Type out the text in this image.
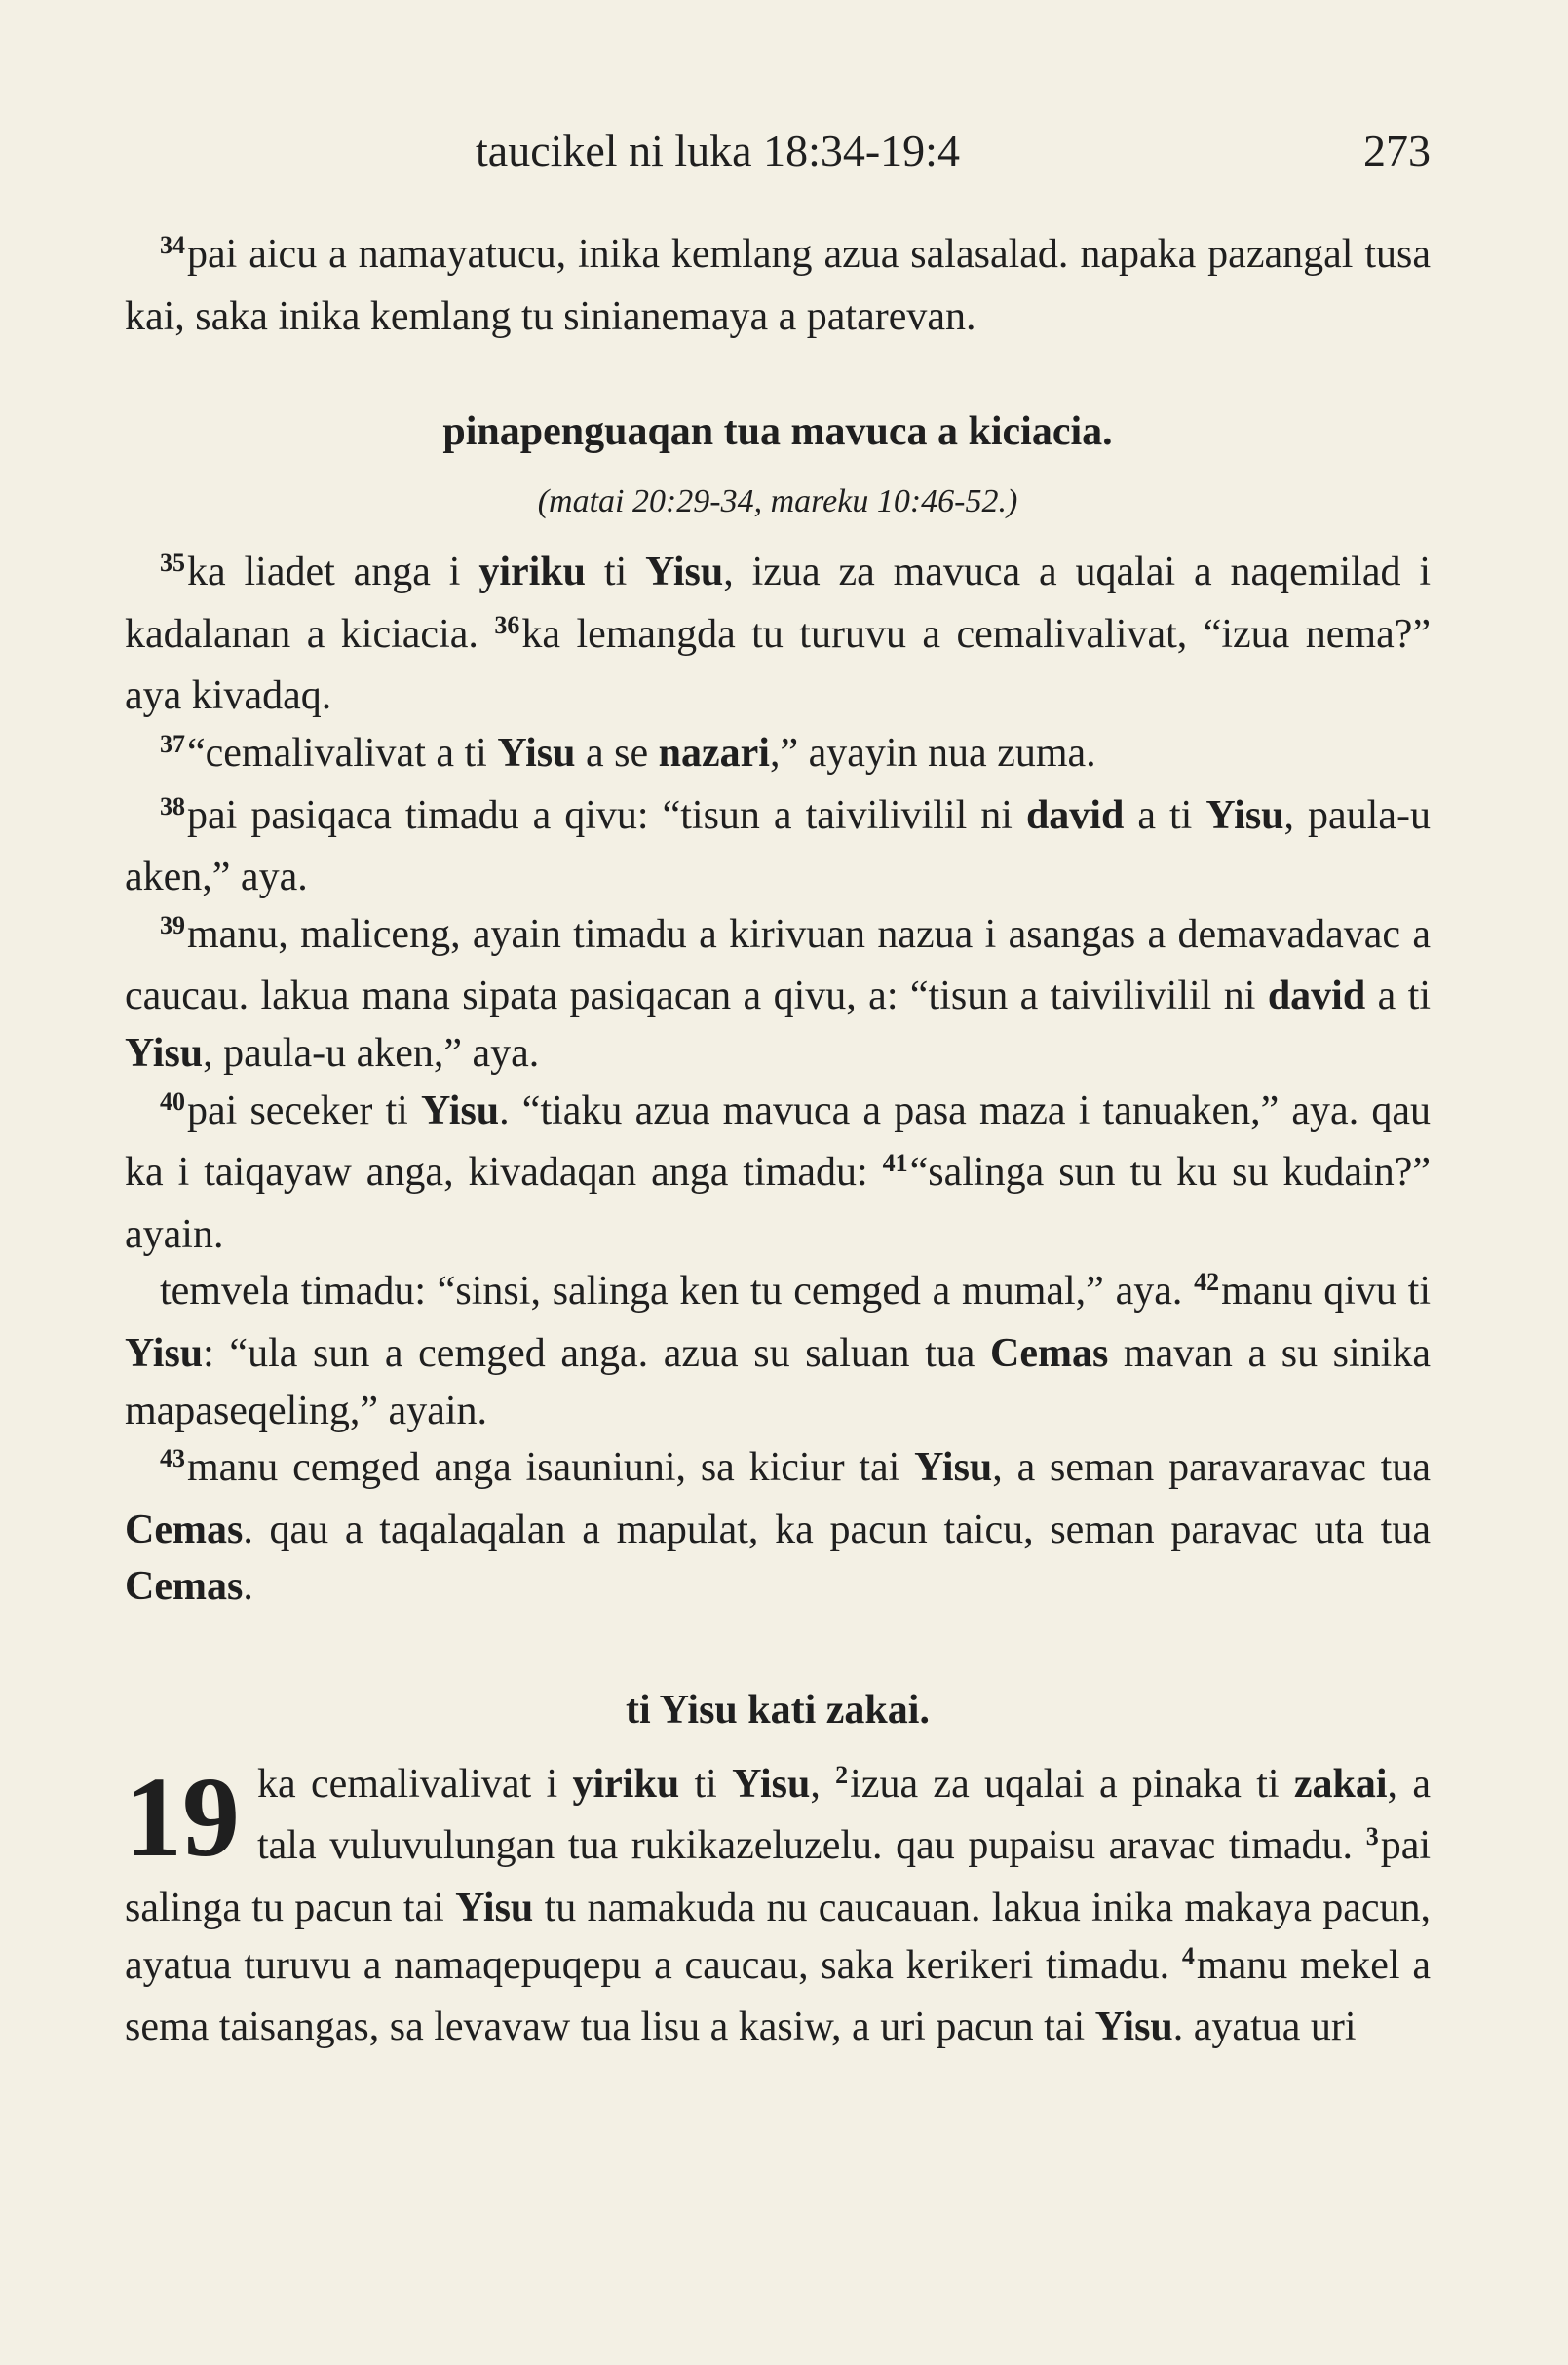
taucikel ni luka 18:34-19:4	273

$^{34}$pai aicu a namayatucu, inika kemlang azua salasalad. napaka pazangal tusa kai, saka inika kemlang tu sinianemaya a patarevan.

pinapenguaqan tua mavuca a kiciacia.
(matai 20:29-34, mareku 10:46-52.)

$^{35}$ka liadet anga i yiriku ti Yisu, izua za mavuca a uqalai a naqemilad i kadalanan a kiciacia. $^{36}$ka lemangda tu turuvu a cemalivalivat, “izua nema?” aya kivadaq.

$^{37}$“cemalivalivat a ti Yisu a se nazari,” ayayin nua zuma.

$^{38}$pai pasiqaca timadu a qivu: “tisun a taivilivilil ni david a ti Yisu, paula-u aken,” aya.

$^{39}$manu, maliceng, ayain timadu a kirivuan nazua i asangas a demavadavac a caucau. lakua mana sipata pasiqacan a qivu, a: “tisun a taivilivilil ni david a ti Yisu, paula-u aken,” aya.

$^{40}$pai seceker ti Yisu. “tiaku azua mavuca a pasa maza i tanuaken,” aya. qau ka i taiqayaw anga, kivadaqan anga timadu: $^{41}$“salinga sun tu ku su kudain?” ayain.

temvela timadu: “sinsi, salinga ken tu cemged a mumal,” aya. $^{42}$manu qivu ti Yisu: “ula sun a cemged anga. azua su saluan tua Cemas mavan a su sinika mapaseqeling,” ayain.

$^{43}$manu cemged anga isauniuni, sa kiciur tai Yisu, a seman paravaravac tua Cemas. qau a taqalaqalan a mapulat, ka pacun taicu, seman paravac uta tua Cemas.

ti Yisu kati zakai.

19 ka cemalivalivat i yiriku ti Yisu, $^2$izua za uqalai a pinaka ti zakai, a tala vuluvulungan tua rukikazeluzelu. qau pupaisu aravac timadu. $^3$pai salinga tu pacun tai Yisu tu namakuda nu caucauan. lakua inika makaya pacun, ayatua turuvu a namaqepuqepu a caucau, saka kerikeri timadu. $^4$manu mekel a sema taisangas, sa levavaw tua lisu a kasiw, a uri pacun tai Yisu. ayatua uri
